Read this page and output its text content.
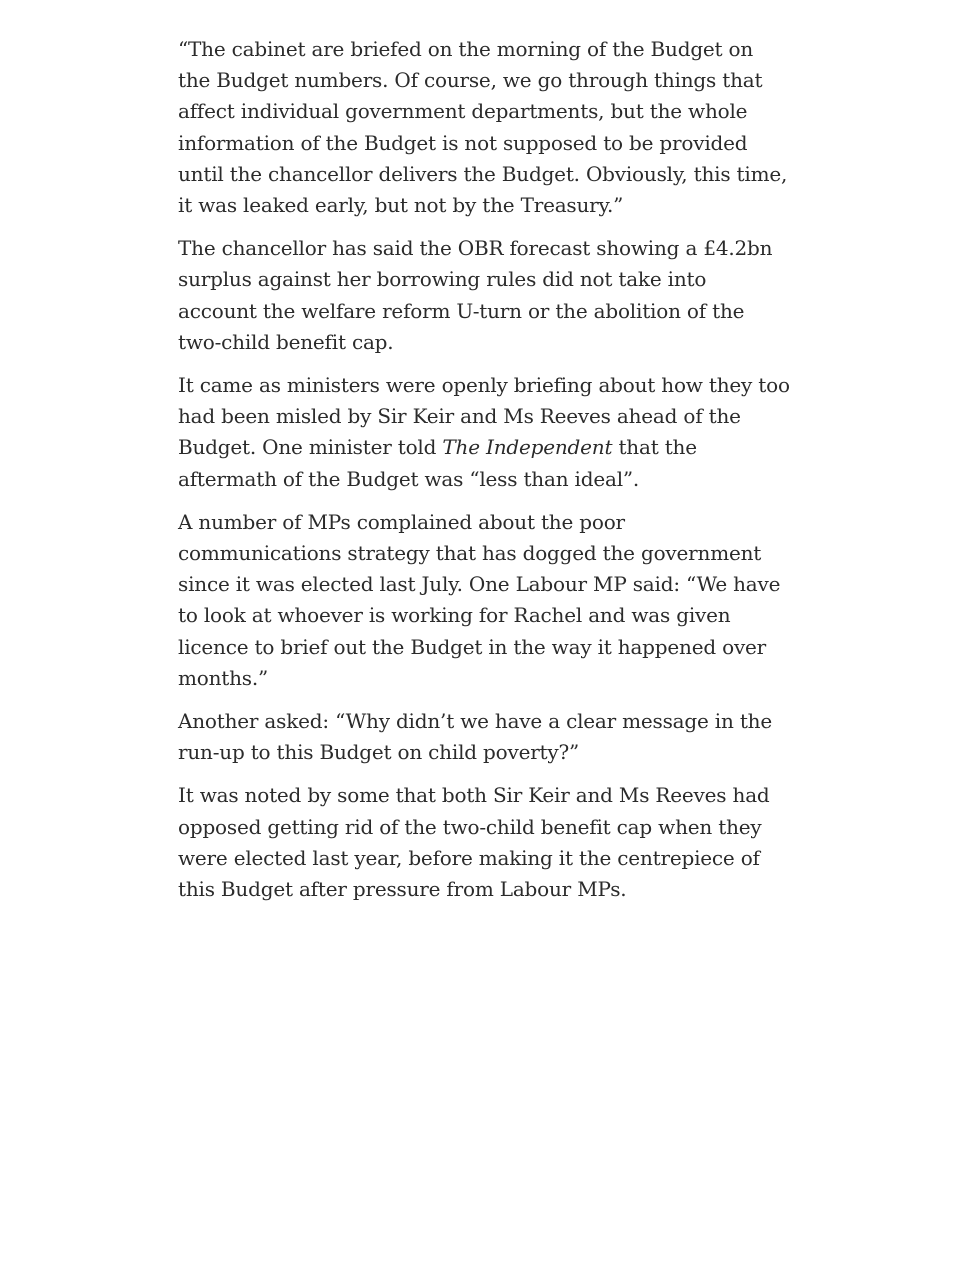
“The cabinet are briefed on the morning of the Budget on the Budget numbers. Of course, we go through things that affect individual government departments, but the whole information of the Budget is not supposed to be provided until the chancellor delivers the Budget. Obviously, this time, it was leaked early, but not by the Treasury.”

The chancellor has said the OBR forecast showing a £4.2bn surplus against her borrowing rules did not take into account the welfare reform U-turn or the abolition of the two-child benefit cap.

It came as ministers were openly briefing about how they too had been misled by Sir Keir and Ms Reeves ahead of the Budget. One minister told The Independent that the aftermath of the Budget was “less than ideal”.

A number of MPs complained about the poor communications strategy that has dogged the government since it was elected last July. One Labour MP said: “We have to look at whoever is working for Rachel and was given licence to brief out the Budget in the way it happened over months.”

Another asked: “Why didn’t we have a clear message in the run-up to this Budget on child poverty?”

It was noted by some that both Sir Keir and Ms Reeves had opposed getting rid of the two-child benefit cap when they were elected last year, before making it the centrepiece of this Budget after pressure from Labour MPs.
